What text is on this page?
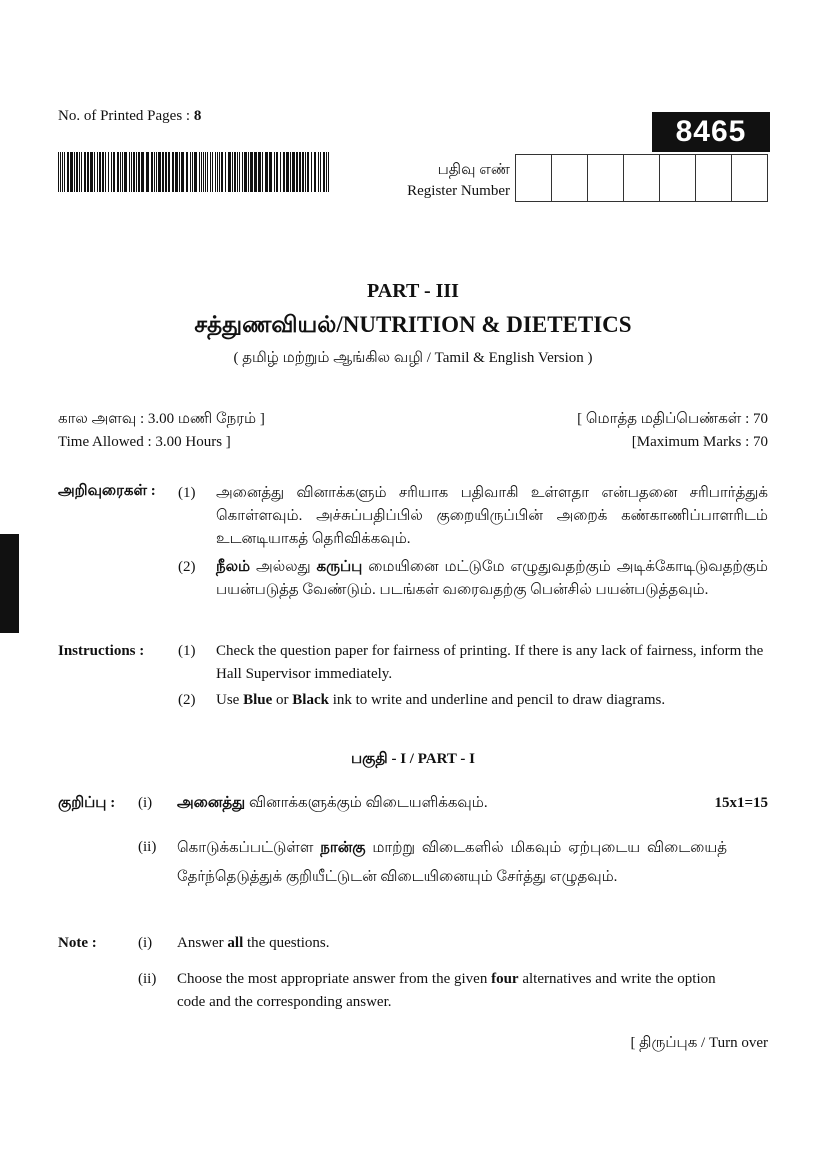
No. of Printed Pages : 8	8465
பதிவு எண்
Register Number
PART - III
சத்துணவியல்/NUTRITION & DIETETICS
( தமிழ் மற்றும் ஆங்கில வழி / Tamil & English Version )
கால அளவு : 3.00 மணி நேரம் ]
Time Allowed : 3.00 Hours ]
[ மொத்த மதிப்பெண்கள் : 70
[Maximum Marks : 70
அறிவுரைகள் :	(1) அனைத்து வினாக்களும் சரியாக பதிவாகி உள்ளதா என்பதனை சரிபார்த்துக் கொள்ளவும். அச்சுப்பதிப்பில் குறையிருப்பின் அறைக் கண்காணிப்பாளரிடம் உடனடியாகத் தெரிவிக்கவும்.
(2) நீலம் அல்லது கருப்பு மையினை மட்டுமே எழுதுவதற்கும் அடிக்கோடிடுவதற்கும் பயன்படுத்த வேண்டும். படங்கள் வரைவதற்கு பென்சில் பயன்படுத்தவும்.
Instructions : (1) Check the question paper for fairness of printing. If there is any lack of fairness, inform the Hall Supervisor immediately.
(2) Use Blue or Black ink to write and underline and pencil to draw diagrams.
பகுதி - I / PART - I
குறிப்பு : (i) அனைத்து வினாக்களுக்கும் விடையளிக்கவும்.	15x1=15
(ii) கொடுக்கப்பட்டுள்ள நான்கு மாற்று விடைகளில் மிகவும் ஏற்புடைய விடையைத் தேர்ந்தெடுத்துக் குறியீட்டுடன் விடையினையும் சேர்த்து எழுதவும்.
Note :	(i) Answer all the questions.
(ii) Choose the most appropriate answer from the given four alternatives and write the option code and the corresponding answer.
[ திருப்புக / Turn over
